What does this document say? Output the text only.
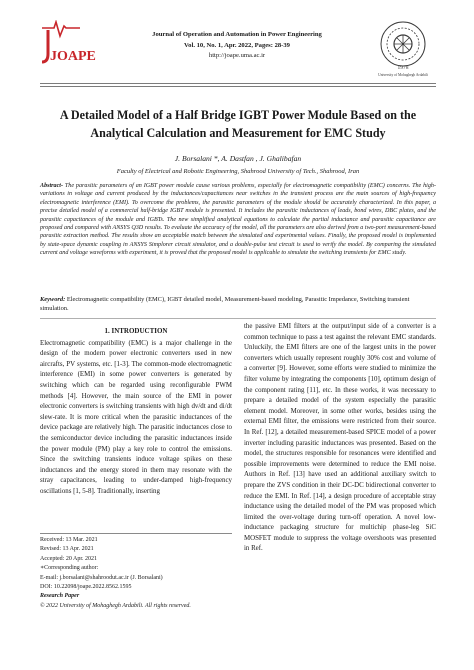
JOAPE
Journal of Operation and Automation in Power Engineering
Vol. 10, No. 1, Apr. 2022, Pages: 28-39
http://joape.uma.ac.ir
1978
University of Mohaghegh Ardabili
A Detailed Model of a Half Bridge IGBT Power Module Based on the Analytical Calculation and Measurement for EMC Study
J. Borsalani *, A. Dastfan , J. Ghalibafan
Faculty of Electrical and Robotic Engineering, Shahrood University of Tech., Shahrood, Iran
Abstract- The parasitic parameters of an IGBT power module cause various problems, especially for electromagnetic compatibility (EMC) concerns. The high-variations in voltage and current produced by the inductances/capacitances near switches in the transient process are the main sources of high-frequency electromagnetic interference (EMI). To overcome the problems, the parasitic parameters of the module should be accurately characterized. In this paper, a precise detailed model of a commercial half-bridge IGBT module is presented. It includes the parasitic inductances of leads, bond wires, DBC plates, and the parasitic capacitances of the module and IGBTs. The new simplified analytical equations to calculate the partial inductance and parasitic capacitance are proposed and compared with ANSYS Q3D results. To evaluate the accuracy of the model, all the parameters are also derived from a two-port measurement-based parasitic extraction method. The results show an acceptable match between the simulated and experimental values. Finally, the proposed model is implemented by state-space dynamic coupling in ANSYS Simplorer circuit simulator, and a double-pulse test circuit is used to verify the model. By comparing the simulated current and voltage waveforms with experiment, it is proved that the proposed model is applicable to simulate the switching transients for EMC study.
Keyword: Electromagnetic compatibility (EMC), IGBT detailed model, Measurement-based modeling, Parasitic Impedance, Switching transient simulation.
1. INTRODUCTION

Electromagnetic compatibility (EMC) is a major challenge in the design of the modern power electronic converters used in new aircrafts, PV systems, etc. [1-3]. The common-mode electromagnetic interference (EMI) in some power converters is generated by switching which can be regarded using reconfigurable PWM methods [4]. However, the main source of the EMI in power electronic converters is switching transients with high dv/dt and di/dt slew-rate. It is more critical when the parasitic inductances of the device package are relatively high. The parasitic inductances close to the semiconductor device including the parasitic inductances inside the power module (PM) play a key role to control the emissions. Since the switching transients induce voltage spikes on these inductances and the energy stored in them may resonate with the stray capacitances, leading to under-damped high-frequency oscillations [1, 5-8]. Traditionally, inserting

the passive EMI filters at the output/input side of a converter is a common technique to pass a test against the relevant EMC standards. Unluckily, the EMI filters are one of the largest units in the power converters which usually represent roughly 30% cost and volume of a converter [9]. However, some efforts were studied to minimize the filter volume by integrating the components [10], optimum design of the component rating [11], etc. In these works, it was necessary to prepare a detailed model of the system especially the parasitic element model. Moreover, in some other works, besides using the external EMI filter, the emissions were restricted from their source. In Ref. [12], a detailed measurement-based SPICE model of a power inverter including parasitic inductances was presented. Based on the model, the structures responsible for resonances were identified and possible improvements were determined to reduce the EMI noise. Authors in Ref. [13] have used an additional auxiliary switch to prepare the ZVS condition in their DC-DC bidirectional converter to reduce the EMI. In Ref. [14], a design procedure of acceptable stray inductance using the detailed model of the PM was proposed which limited the over-voltage during turn-off operation. A novel low-inductance packaging structure for multichip phase-leg SiC MOSFET module to suppress the voltage overshoots was presented in Ref.

Received: 13 Mar. 2021
Revised: 13 Apr. 2021
Accepted: 20 Apr. 2021
∗Corresponding author:
E-mail: j.borsalani@shahroodut.ac.ir (J. Borsalani)
DOI: 10.22098/joape.2022.8562.1595
Research Paper
© 2022 University of Mohaghegh Ardabili. All rights reserved.
